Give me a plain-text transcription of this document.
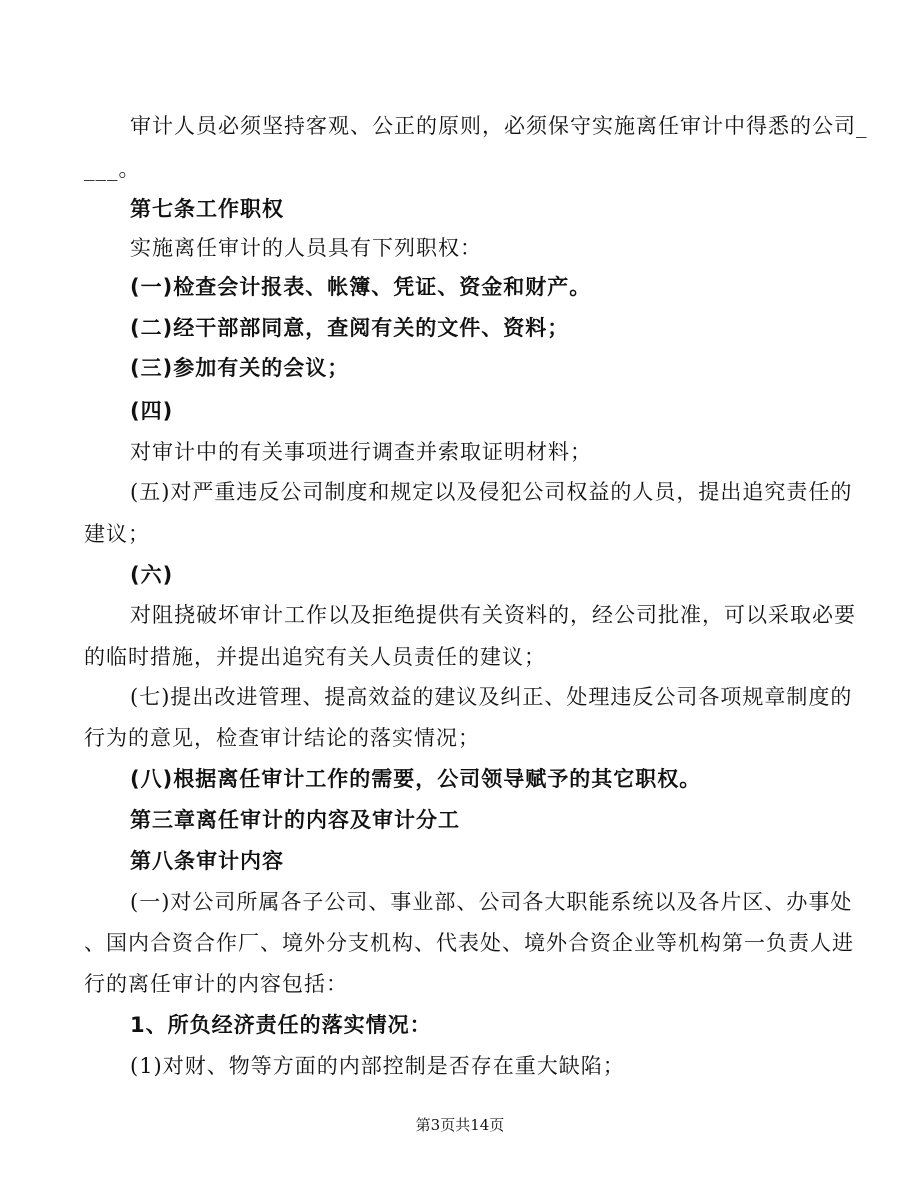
审计人员必须坚持客观、公正的原则，必须保守实施离任审计中得悉的公司_
___。
第七条工作职权
实施离任审计的人员具有下列职权：
(一)检查会计报表、帐簿、凭证、资金和财产。
(二)经干部部同意，查阅有关的文件、资料；
(三)参加有关的会议；
(四)
对审计中的有关事项进行调查并索取证明材料；
(五)对严重违反公司制度和规定以及侵犯公司权益的人员，提出追究责任的
建议；
(六)
对阻挠破坏审计工作以及拒绝提供有关资料的，经公司批准，可以采取必要
的临时措施，并提出追究有关人员责任的建议；
(七)提出改进管理、提高效益的建议及纠正、处理违反公司各项规章制度的
行为的意见，检查审计结论的落实情况；
(八)根据离任审计工作的需要，公司领导赋予的其它职权。
第三章离任审计的内容及审计分工
第八条审计内容
(一)对公司所属各子公司、事业部、公司各大职能系统以及各片区、办事处
、国内合资合作厂、境外分支机构、代表处、境外合资企业等机构第一负责人进
行的离任审计的内容包括：
1、所负经济责任的落实情况：
(1)对财、物等方面的内部控制是否存在重大缺陷；
第3页共14页
